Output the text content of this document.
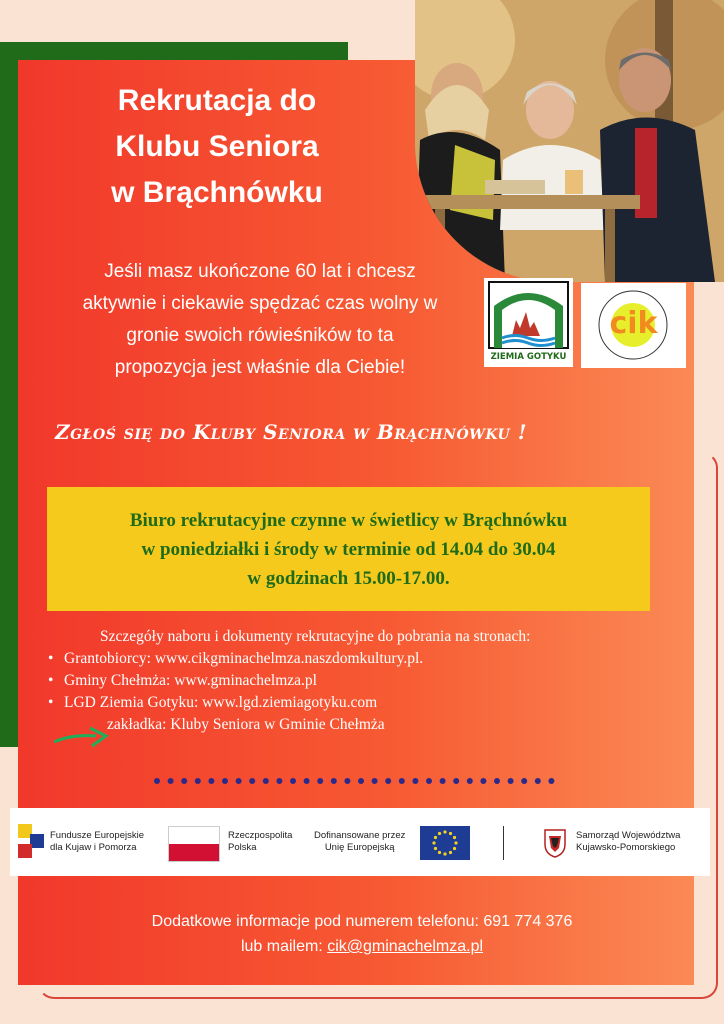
Rekrutacja do
Klubu Seniora
w Brąchnówku
Jeśli masz ukończone 60 lat i chcesz
aktywnie i ciekawie spędzać czas wolny w
gronie swoich rówieśników to ta
propozycja jest właśnie dla Ciebie!	ZIEMIA GOTYKU
cik
Zgłoś się do Kluby Seniora w Brąchnówku !
Biuro rekrutacyjne czynne w świetlicy w Brąchnówku
w poniedziałki i środy w terminie od 14.04 do 30.04
w godzinach 15.00-17.00.
Szczegóły naboru i dokumenty rekrutacyjne do pobrania na stronach:
• Grantobiorcy: www.cikgminachelmza.naszdomkultury.pl.
• Gminy Chełmża: www.gminachelmza.pl
• LGD Ziemia Gotyku: www.lgd.ziemiagotyku.com
zakładka: Kluby Seniora w Gminie Chełmża
Fundusze Europejskie
dla Kujaw i Pomorza
Rzeczpospolita
Polska
Dofinansowane przez
Unię Europejską
Samorząd Województwa
Kujawsko-Pomorskiego
Dodatkowe informacje pod numerem telefonu: 691 774 376
lub mailem: cik@gminachelmza.pl
